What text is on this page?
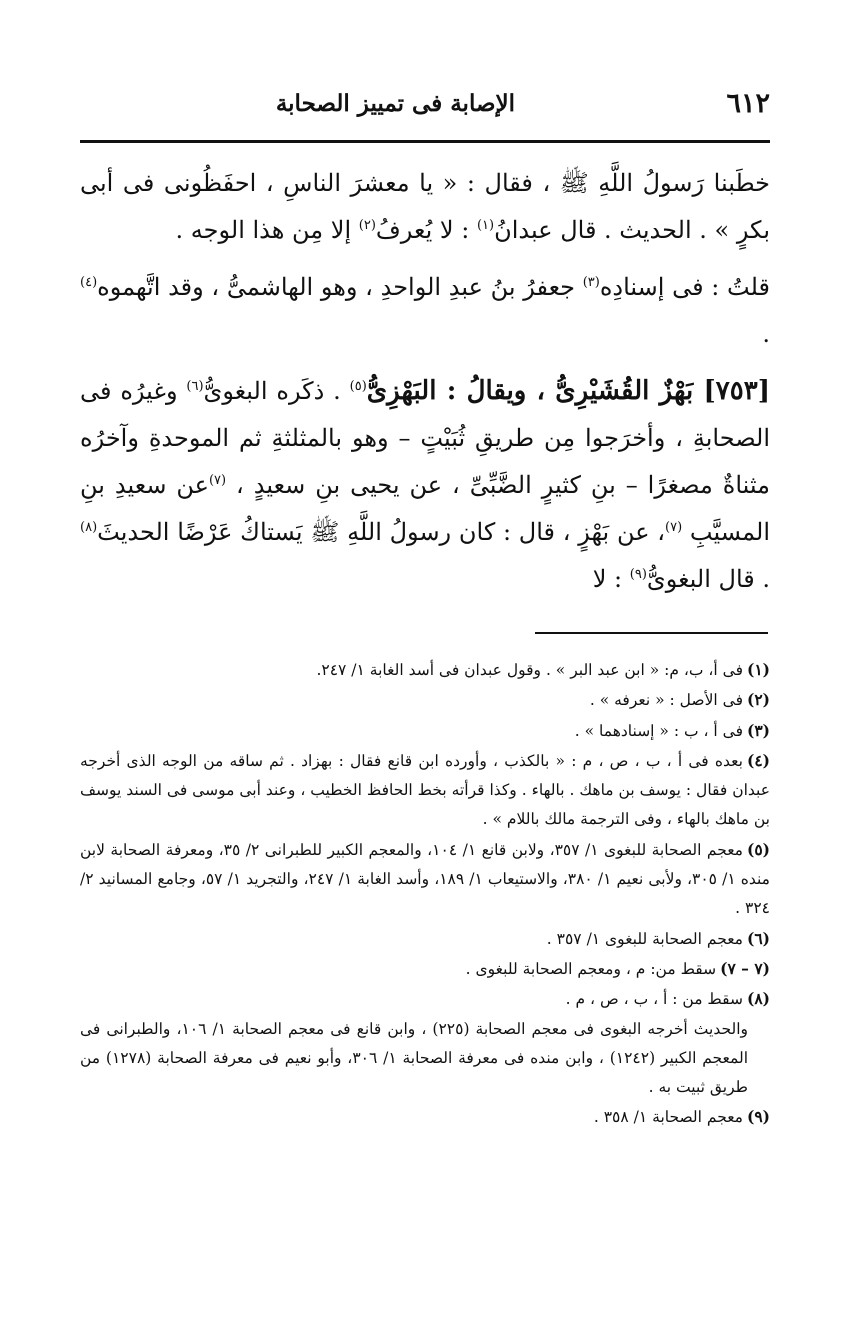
٦١٢
الإصابة فى تمييز الصحابة

خطَبنا رَسولُ اللَّهِ ﷺ ، فقال : « يا معشرَ الناسِ ، احفَظُونى فى أبى بكرٍ » . الحديث . قال عبدانُ$^{(١)}$ : لا يُعرفُ$^{(٢)}$ إلا مِن هذا الوجه .

قلتُ : فى إسنادِه$^{(٣)}$ جعفرُ بنُ عبدِ الواحدِ ، وهو الهاشمىُّ ، وقد اتَّهموه$^{(٤)}$ .

[٧٥٣] بَهْزٌ القُشَيْرِىُّ ، ويقالُ : البَهْزِىُّ$^{(٥)}$ . ذكَره البغوىُّ$^{(٦)}$ وغيرُه فى الصحابةِ ، وأخرَجوا مِن طريقِ ثُبَيْتٍ – وهو بالمثلثةِ ثم الموحدةِ وآخرُه مثناةٌ مصغرًا – بنِ كثيرٍ الضَّبِّىِّ ، عن يحيى بنِ سعيدٍ ، $^{(٧)}$عن سعيدِ بنِ المسيَّبِ $^{(٧)}$، عن بَهْزٍ ، قال : كان رسولُ اللَّهِ ﷺ يَستاكُ عَرْضًا الحديثَ$^{(٨)}$ . قال البغوىُّ$^{(٩)}$ : لا

(١)فى أ، ب، م: « ابن عبد البر » . وقول عبدان فى أسد الغابة ١/ ٢٤٧.

(٢)فى الأصل : « نعرفه » .

(٣)فى أ ، ب : « إسنادهما » .

(٤)بعده فى أ ، ب ، ص ، م : « بالكذب ، وأورده ابن قانع فقال : بهزاد . ثم ساقه من الوجه الذى أخرجه عبدان فقال : يوسف بن ماهك . بالهاء . وكذا قرأته بخط الحافظ الخطيب ، وعند أبى موسى فى السند يوسف بن ماهك بالهاء ، وفى الترجمة مالك باللام » .

(٥)معجم الصحابة للبغوى ١/ ٣٥٧، ولابن قانع ١/ ١٠٤، والمعجم الكبير للطبرانى ٢/ ٣٥، ومعرفة الصحابة لابن منده ١/ ٣٠٥، ولأبى نعيم ١/ ٣٨٠، والاستيعاب ١/ ١٨٩، وأسد الغابة ١/ ٢٤٧، والتجريد ١/ ٥٧، وجامع المسانيد ٢/ ٣٢٤ .

(٦)معجم الصحابة للبغوى ١/ ٣٥٧ .

(٧ – ٧)سقط من: م ، ومعجم الصحابة للبغوى .

(٨)سقط من : أ ، ب ، ص ، م .

والحديث أخرجه البغوى فى معجم الصحابة (٢٢٥) ، وابن قانع فى معجم الصحابة ١/ ١٠٦، والطبرانى فى المعجم الكبير (١٢٤٢) ، وابن منده فى معرفة الصحابة ١/ ٣٠٦، وأبو نعيم فى معرفة الصحابة (١٢٧٨) من طريق ثبيت به .

(٩)معجم الصحابة ١/ ٣٥٨ .
